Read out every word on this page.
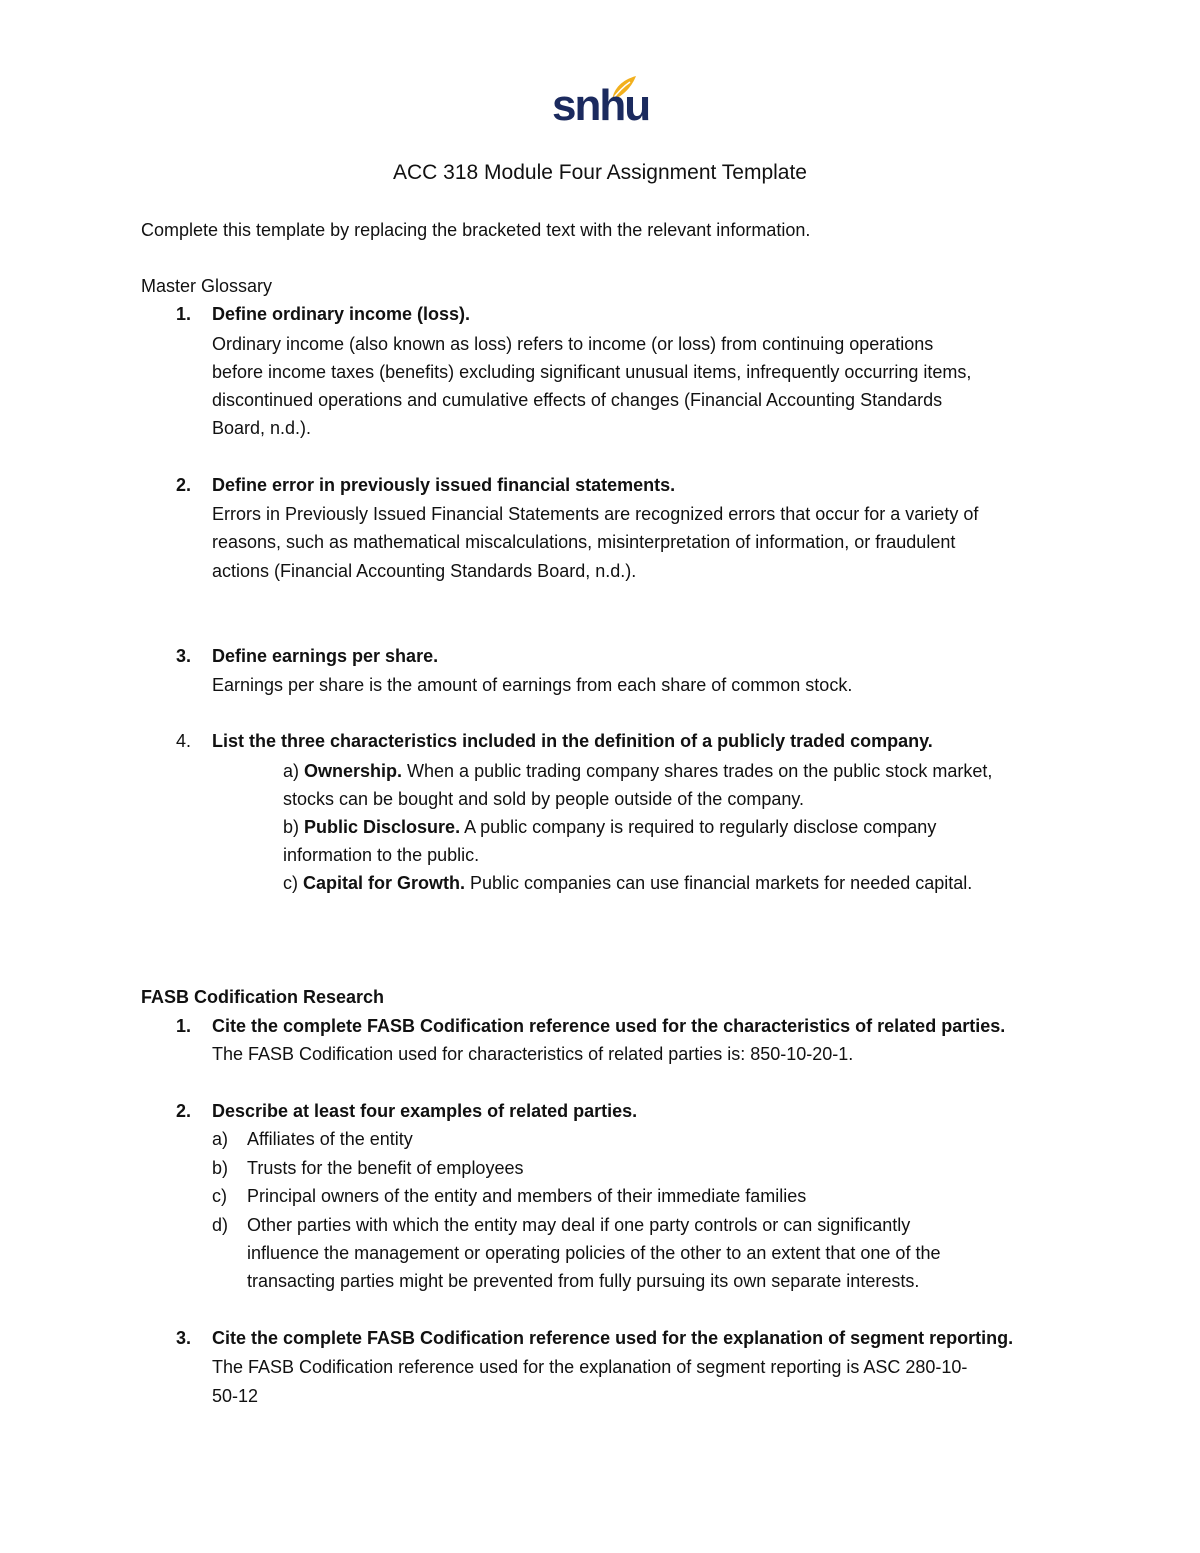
snhu
ACC 318 Module Four Assignment Template
Complete this template by replacing the bracketed text with the relevant information.
Master Glossary
1. Define ordinary income (loss).
Ordinary income (also known as loss) refers to income (or loss) from continuing operations
before income taxes (benefits) excluding significant unusual items, infrequently occurring items,
discontinued operations and cumulative effects of changes (Financial Accounting Standards
Board, n.d.).
2. Define error in previously issued financial statements.
Errors in Previously Issued Financial Statements are recognized errors that occur for a variety of
reasons, such as mathematical miscalculations, misinterpretation of information, or fraudulent
actions (Financial Accounting Standards Board, n.d.).
3. Define earnings per share.
Earnings per share is the amount of earnings from each share of common stock.
4. List the three characteristics included in the definition of a publicly traded company.
a) Ownership. When a public trading company shares trades on the public stock market,
stocks can be bought and sold by people outside of the company.
b) Public Disclosure. A public company is required to regularly disclose company
information to the public.
c) Capital for Growth. Public companies can use financial markets for needed capital.
FASB Codification Research
1. Cite the complete FASB Codification reference used for the characteristics of related parties.
The FASB Codification used for characteristics of related parties is: 850-10-20-1.
2. Describe at least four examples of related parties.
a) Affiliates of the entity
b) Trusts for the benefit of employees
c) Principal owners of the entity and members of their immediate families
d) Other parties with which the entity may deal if one party controls or can significantly
influence the management or operating policies of the other to an extent that one of the
transacting parties might be prevented from fully pursuing its own separate interests.
3. Cite the complete FASB Codification reference used for the explanation of segment reporting.
The FASB Codification reference used for the explanation of segment reporting is ASC 280-10-
50-12
